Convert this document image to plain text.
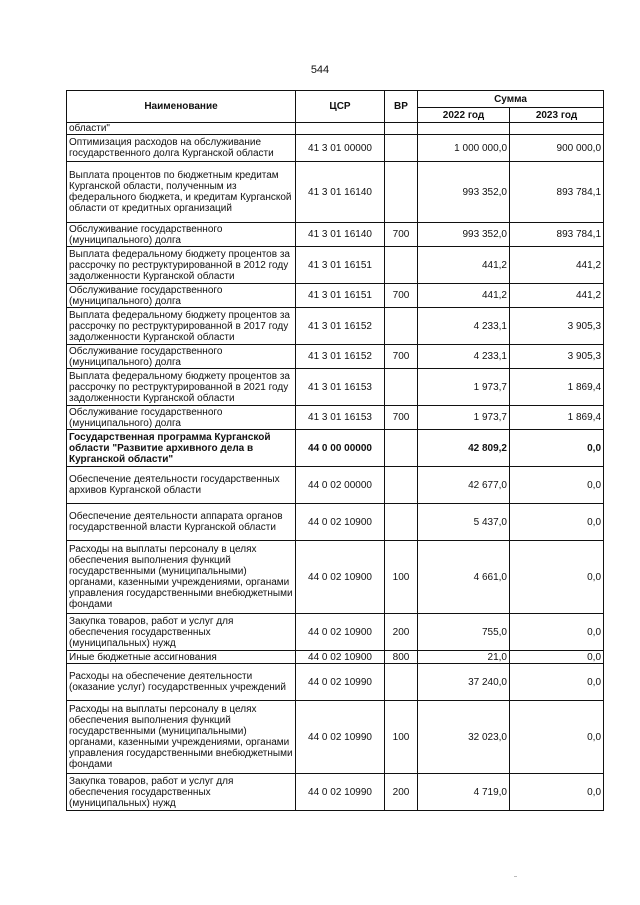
544
Наименование	ЦСР	ВР	Сумма	
			2022 год	2023 год
области"				
Оптимизация расходов на обслуживание государственного долга Курганской области	41 3 01 00000		1 000 000,0	900 000,0
Выплата процентов по бюджетным кредитам Курганской области, полученным из федерального бюджета, и кредитам Курганской области от кредитных организаций	41 3 01 16140		993 352,0	893 784,1
Обслуживание государственного (муниципального) долга	41 3 01 16140	700	993 352,0	893 784,1
Выплата федеральному бюджету процентов за рассрочку по реструктурированной в 2012 году задолженности Курганской области	41 3 01 16151		441,2	441,2
Обслуживание государственного (муниципального) долга	41 3 01 16151	700	441,2	441,2
Выплата федеральному бюджету процентов за рассрочку по реструктурированной в 2017 году задолженности Курганской области	41 3 01 16152		4 233,1	3 905,3
Обслуживание государственного (муниципального) долга	41 3 01 16152	700	4 233,1	3 905,3
Выплата федеральному бюджету процентов за рассрочку по реструктурированной в 2021 году задолженности Курганской области	41 3 01 16153		1 973,7	1 869,4
Обслуживание государственного (муниципального) долга	41 3 01 16153	700	1 973,7	1 869,4
Государственная программа Курганской области "Развитие архивного дела в Курганской области"	44 0 00 00000		42 809,2	0,0
Обеспечение деятельности государственных архивов Курганской области	44 0 02 00000		42 677,0	0,0
Обеспечение деятельности аппарата органов государственной власти Курганской области	44 0 02 10900		5 437,0	0,0
Расходы на выплаты персоналу в целях обеспечения выполнения функций государственными (муниципальными) органами, казенными учреждениями, органами управления государственными внебюджетными фондами	44 0 02 10900	100	4 661,0	0,0
Закупка товаров, работ и услуг для обеспечения государственных (муниципальных) нужд	44 0 02 10900	200	755,0	0,0
Иные бюджетные ассигнования	44 0 02 10900	800	21,0	0,0
Расходы на обеспечение деятельности (оказание услуг) государственных учреждений	44 0 02 10990		37 240,0	0,0
Расходы на выплаты персоналу в целях обеспечения выполнения функций государственными (муниципальными) органами, казенными учреждениями, органами управления государственными внебюджетными фондами	44 0 02 10990	100	32 023,0	0,0
Закупка товаров, работ и услуг для обеспечения государственных (муниципальных) нужд	44 0 02 10990	200	4 719,0	0,0
